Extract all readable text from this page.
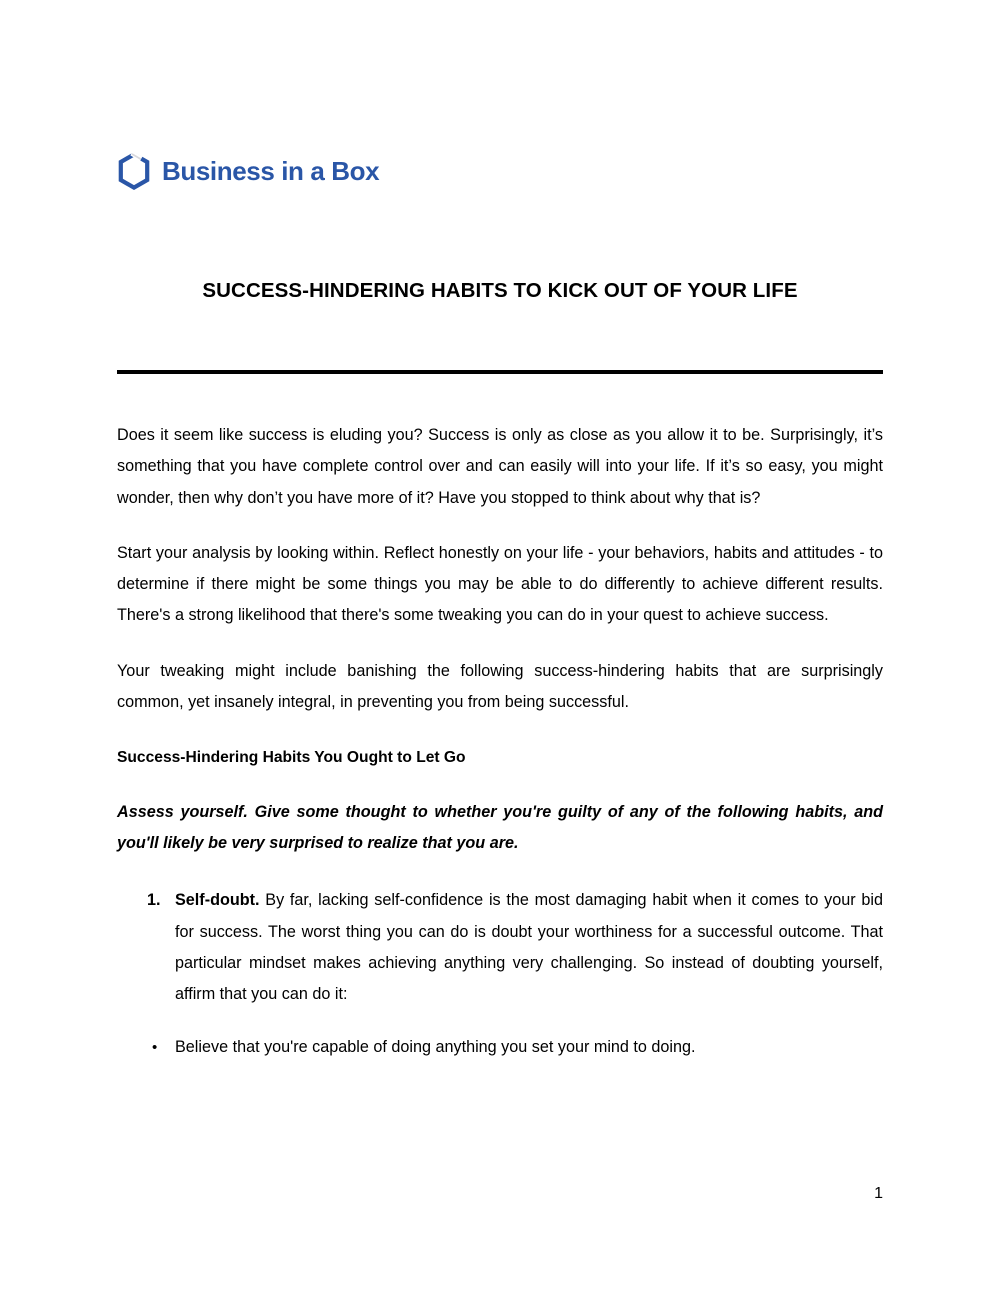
Business in a Box
SUCCESS-HINDERING HABITS TO KICK OUT OF YOUR LIFE

Does it seem like success is eluding you? Success is only as close as you allow it to be. Surprisingly, it’s something that you have complete control over and can easily will into your life. If it’s so easy, you might wonder, then why don’t you have more of it? Have you stopped to think about why that is?

Start your analysis by looking within. Reflect honestly on your life - your behaviors, habits and attitudes - to determine if there might be some things you may be able to do differently to achieve different results. There's a strong likelihood that there's some tweaking you can do in your quest to achieve success.

Your tweaking might include banishing the following success-hindering habits that are surprisingly common, yet insanely integral, in preventing you from being successful.

Success-Hindering Habits You Ought to Let Go

Assess yourself. Give some thought to whether you're guilty of any of the following habits, and you'll likely be very surprised to realize that you are.

Self-doubt. By far, lacking self-confidence is the most damaging habit when it comes to your bid for success. The worst thing you can do is doubt your worthiness for a successful outcome. That particular mindset makes achieving anything very challenging. So instead of doubting yourself, affirm that you can do it:
• Believe that you're capable of doing anything you set your mind to doing.
1
